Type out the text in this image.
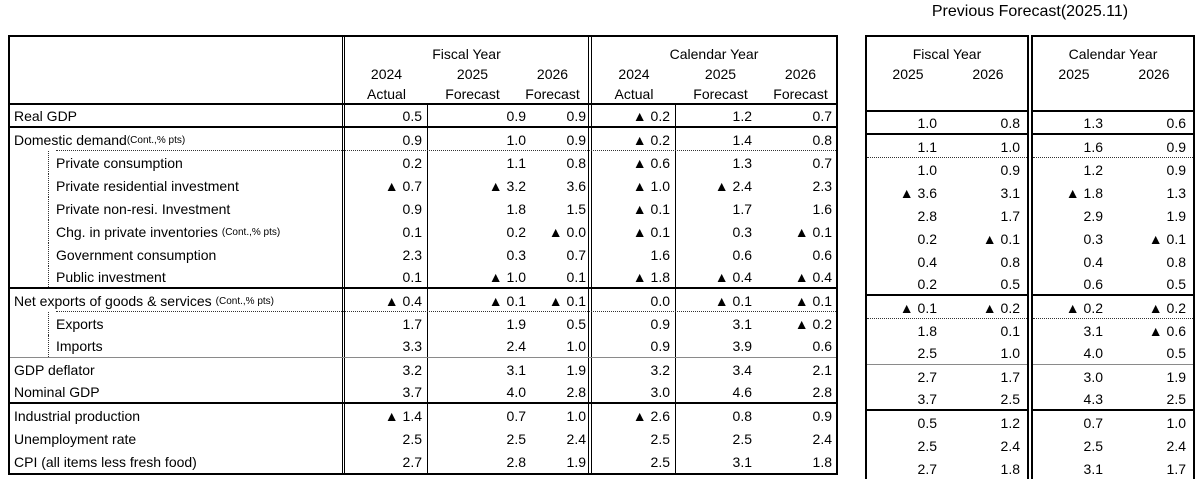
Previous Forecast(2025.11)
Fiscal Year
2024	2025	2026
Actual	Forecast	Forecast
Calendar Year
2024	2025	2026
Actual	Forecast	Forecast
Real GDP	0.5	0.9	0.9	▲ 0.2	1.2	0.7
Domestic demand (Cont.,% pts)	0.9	1.0	0.9	▲ 0.2	1.4	0.8
Private consumption	0.2	1.1	0.8	▲ 0.6	1.3	0.7
Private residential investment	▲ 0.7	▲ 3.2	3.6	▲ 1.0	▲ 2.4	2.3
Private non-resi. Investment	0.9	1.8	1.5	▲ 0.1	1.7	1.6
Chg. in private inventories (Cont.,% pts)	0.1	0.2	▲ 0.0	▲ 0.1	0.3	▲ 0.1
Government consumption	2.3	0.3	0.7	1.6	0.6	0.6
Public investment	0.1	▲ 1.0	0.1	▲ 1.8	▲ 0.4	▲ 0.4
Net exports of goods & services (Cont.,% pts)	▲ 0.4	▲ 0.1	▲ 0.1	0.0	▲ 0.1	▲ 0.1
Exports	1.7	1.9	0.5	0.9	3.1	▲ 0.2
Imports	3.3	2.4	1.0	0.9	3.9	0.6
GDP deflator	3.2	3.1	1.9	3.2	3.4	2.1
Nominal GDP	3.7	4.0	2.8	3.0	4.6	2.8
Industrial production	▲ 1.4	0.7	1.0	▲ 2.6	0.8	0.9
Unemployment rate	2.5	2.5	2.4	2.5	2.5	2.4
CPI (all items less fresh food)	2.7	2.8	1.9	2.5	3.1	1.8
Fiscal Year
2025	2026
1.0	0.8
1.1	1.0
1.0	0.9
▲ 3.6	3.1
2.8	1.7
0.2	▲ 0.1
0.4	0.8
0.2	0.5
▲ 0.1	▲ 0.2
1.8	0.1
2.5	1.0
2.7	1.7
3.7	2.5
0.5	1.2
2.5	2.4
2.7	1.8
Calendar Year
2025	2026
1.3	0.6
1.6	0.9
1.2	0.9
▲ 1.8	1.3
2.9	1.9
0.3	▲ 0.1
0.4	0.8
0.6	0.5
▲ 0.2	▲ 0.2
3.1	▲ 0.6
4.0	0.5
3.0	1.9
4.3	2.5
0.7	1.0
2.5	2.4
3.1	1.7
